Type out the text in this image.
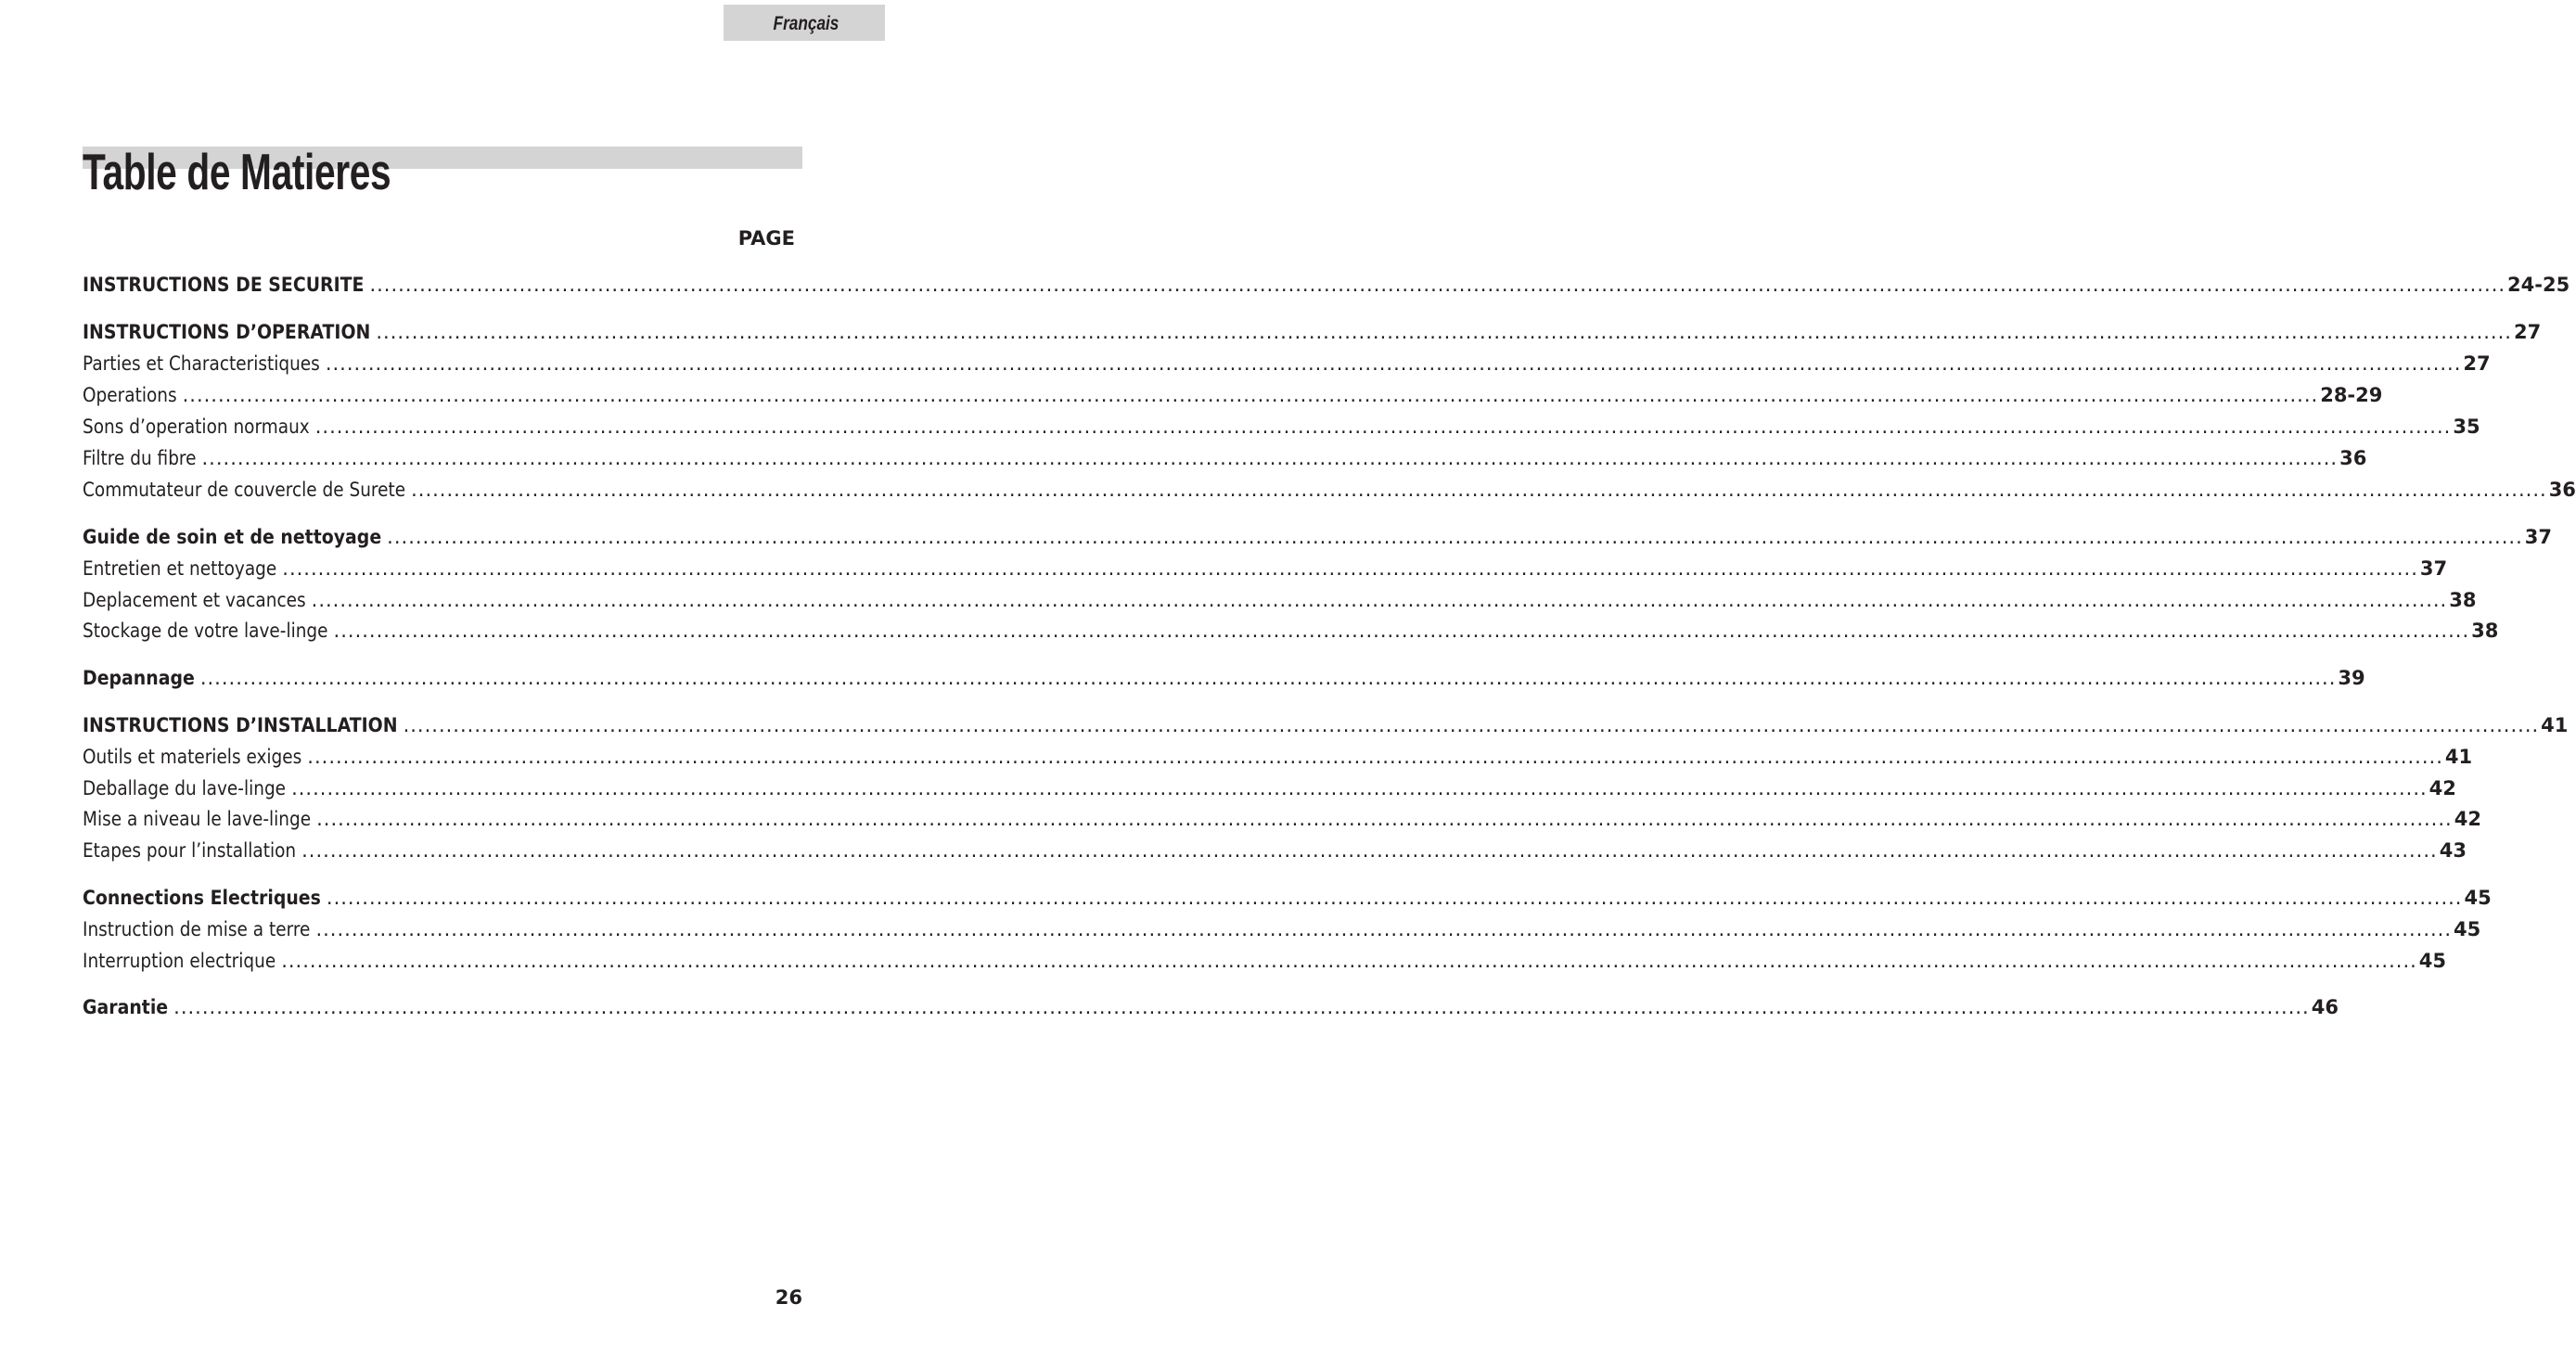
Français
Table de Matieres
PAGE
INSTRUCTIONS DE SECURITE ............................................................................................................................................................................................................................................................................................................ 24-25
INSTRUCTIONS D’OPERATION ............................................................................................................................................................................................................................................................................................................ 27
Parties et Characteristiques ............................................................................................................................................................................................................................................................................................................ 27
Operations ............................................................................................................................................................................................................................................................................................................ 28-29
Sons d’operation normaux ............................................................................................................................................................................................................................................................................................................ 35
Filtre du fibre ............................................................................................................................................................................................................................................................................................................ 36
Commutateur de couvercle de Surete ............................................................................................................................................................................................................................................................................................................ 36
Guide de soin et de nettoyage ............................................................................................................................................................................................................................................................................................................ 37
Entretien et nettoyage ............................................................................................................................................................................................................................................................................................................ 37
Deplacement et vacances ............................................................................................................................................................................................................................................................................................................ 38
Stockage de votre lave-linge ............................................................................................................................................................................................................................................................................................................ 38
Depannage ............................................................................................................................................................................................................................................................................................................ 39
INSTRUCTIONS D’INSTALLATION ............................................................................................................................................................................................................................................................................................................ 41
Outils et materiels exiges ............................................................................................................................................................................................................................................................................................................ 41
Deballage du lave-linge ............................................................................................................................................................................................................................................................................................................ 42
Mise a niveau le lave-linge ............................................................................................................................................................................................................................................................................................................ 42
Etapes pour l’installation ............................................................................................................................................................................................................................................................................................................ 43
Connections Electriques ............................................................................................................................................................................................................................................................................................................ 45
Instruction de mise a terre ............................................................................................................................................................................................................................................................................................................ 45
Interruption electrique ............................................................................................................................................................................................................................................................................................................ 45
Garantie ............................................................................................................................................................................................................................................................................................................ 46
26
